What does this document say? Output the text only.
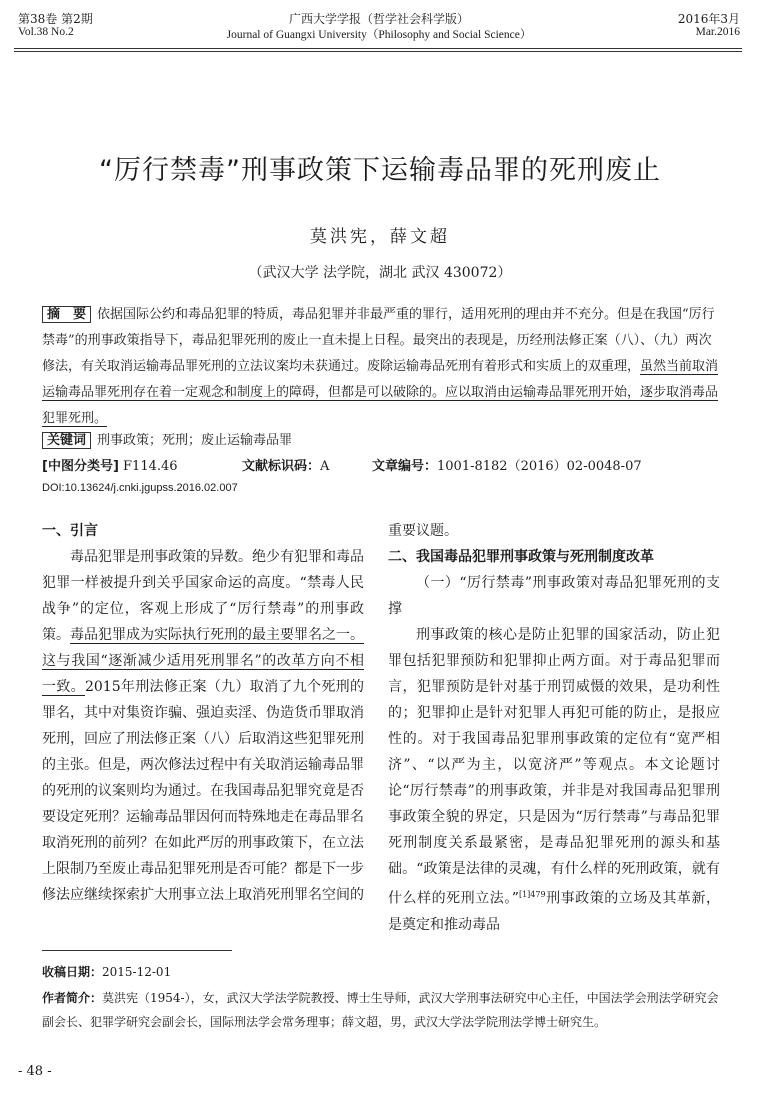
第38卷 第2期	广西大学学报（哲学社会科学版）	2016年3月
Vol.38 No.2	Journal of Guangxi University（Philosophy and Social Science）	Mar.2016
“厉行禁毒”刑事政策下运输毒品罪的死刑废止
莫洪宪，薛文超
（武汉大学 法学院，湖北 武汉 430072）
摘　要 依据国际公约和毒品犯罪的特质，毒品犯罪并非最严重的罪行，适用死刑的理由并不充分。但是在我国“厉行禁毒”的刑事政策指导下，毒品犯罪死刑的废止一直未提上日程。最突出的表现是，历经刑法修正案（八）、（九）两次修法，有关取消运输毒品罪死刑的立法议案均未获通过。废除运输毒品死刑有着形式和实质上的双重理，虽然当前取消运输毒品罪死刑存在着一定观念和制度上的障碍，但都是可以破除的。应以取消由运输毒品罪死刑开始，逐步取消毒品犯罪死刑。
关键词 刑事政策；死刑；废止运输毒品罪
[中图分类号] F114.46	文献标识码：A	文章编号：1001-8182（2016）02-0048-07
DOI:10.13624/j.cnki.jgupss.2016.02.007

一、引言

毒品犯罪是刑事政策的异数。绝少有犯罪和毒品犯罪一样被提升到关乎国家命运的高度。“禁毒人民战争”的定位，客观上形成了“厉行禁毒”的刑事政策。毒品犯罪成为实际执行死刑的最主要罪名之一。这与我国“逐渐减少适用死刑罪名”的改革方向不相一致。2015年刑法修正案（九）取消了九个死刑的罪名，其中对集资诈骗、强迫卖淫、伪造货币罪取消死刑，回应了刑法修正案（八）后取消这些犯罪死刑的主张。但是，两次修法过程中有关取消运输毒品罪的死刑的议案则均为通过。在我国毒品犯罪究竟是否要设定死刑？运输毒品罪因何而特殊地走在毒品罪名取消死刑的前列？在如此严厉的刑事政策下，在立法上限制乃至废止毒品犯罪死刑是否可能？都是下一步修法应继续探索扩大刑事立法上取消死刑罪名空间的

重要议题。

二、我国毒品犯罪刑事政策与死刑制度改革

（一）“厉行禁毒”刑事政策对毒品犯罪死刑的支撑

刑事政策的核心是防止犯罪的国家活动，防止犯罪包括犯罪预防和犯罪抑止两方面。对于毒品犯罪而言，犯罪预防是针对基于刑罚威慑的效果，是功利性的；犯罪抑止是针对犯罪人再犯可能的防止，是报应性的。对于我国毒品犯罪刑事政策的定位有“宽严相济”、“以严为主，以宽济严”等观点。本文论题讨论“厉行禁毒”的刑事政策，并非是对我国毒品犯罪刑事政策全貌的界定，只是因为“厉行禁毒”与毒品犯罪死刑制度关系最紧密，是毒品犯罪死刑的源头和基础。“政策是法律的灵魂，有什么样的死刑政策，就有什么样的死刑立法。”$^{[1]479}$刑事政策的立场及其革新，是奠定和推动毒品

收稿日期：2015-12-01
作者简介：莫洪宪（1954-），女，武汉大学法学院教授、博士生导师，武汉大学刑事法研究中心主任，中国法学会刑法学研究会副会长、犯罪学研究会副会长，国际刑法学会常务理事；薛文超，男，武汉大学法学院刑法学博士研究生。
- 48 -
